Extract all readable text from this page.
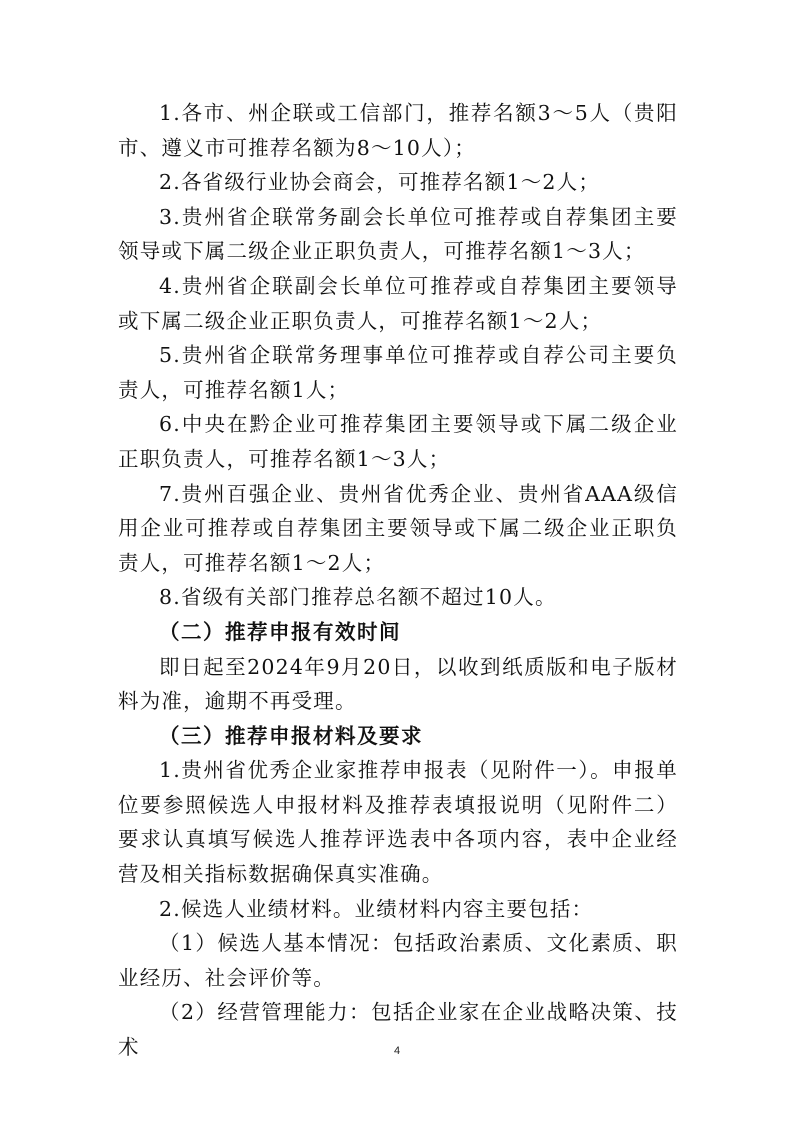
1.各市、州企联或工信部门，推荐名额3～5人（贵阳市、遵义市可推荐名额为8～10人）；

2.各省级行业协会商会，可推荐名额1～2人；

3.贵州省企联常务副会长单位可推荐或自荐集团主要领导或下属二级企业正职负责人，可推荐名额1～3人；

4.贵州省企联副会长单位可推荐或自荐集团主要领导或下属二级企业正职负责人，可推荐名额1～2人；

5.贵州省企联常务理事单位可推荐或自荐公司主要负责人，可推荐名额1人；

6.中央在黔企业可推荐集团主要领导或下属二级企业正职负责人，可推荐名额1～3人；

7.贵州百强企业、贵州省优秀企业、贵州省AAA级信用企业可推荐或自荐集团主要领导或下属二级企业正职负责人，可推荐名额1～2人；

8.省级有关部门推荐总名额不超过10人。

（二）推荐申报有效时间

即日起至2024年9月20日，以收到纸质版和电子版材料为准，逾期不再受理。

（三）推荐申报材料及要求

1.贵州省优秀企业家推荐申报表（见附件一）。申报单位要参照候选人申报材料及推荐表填报说明（见附件二）要求认真填写候选人推荐评选表中各项内容，表中企业经营及相关指标数据确保真实准确。

2.候选人业绩材料。业绩材料内容主要包括：

（1）候选人基本情况：包括政治素质、文化素质、职业经历、社会评价等。

（2）经营管理能力：包括企业家在企业战略决策、技术	4
